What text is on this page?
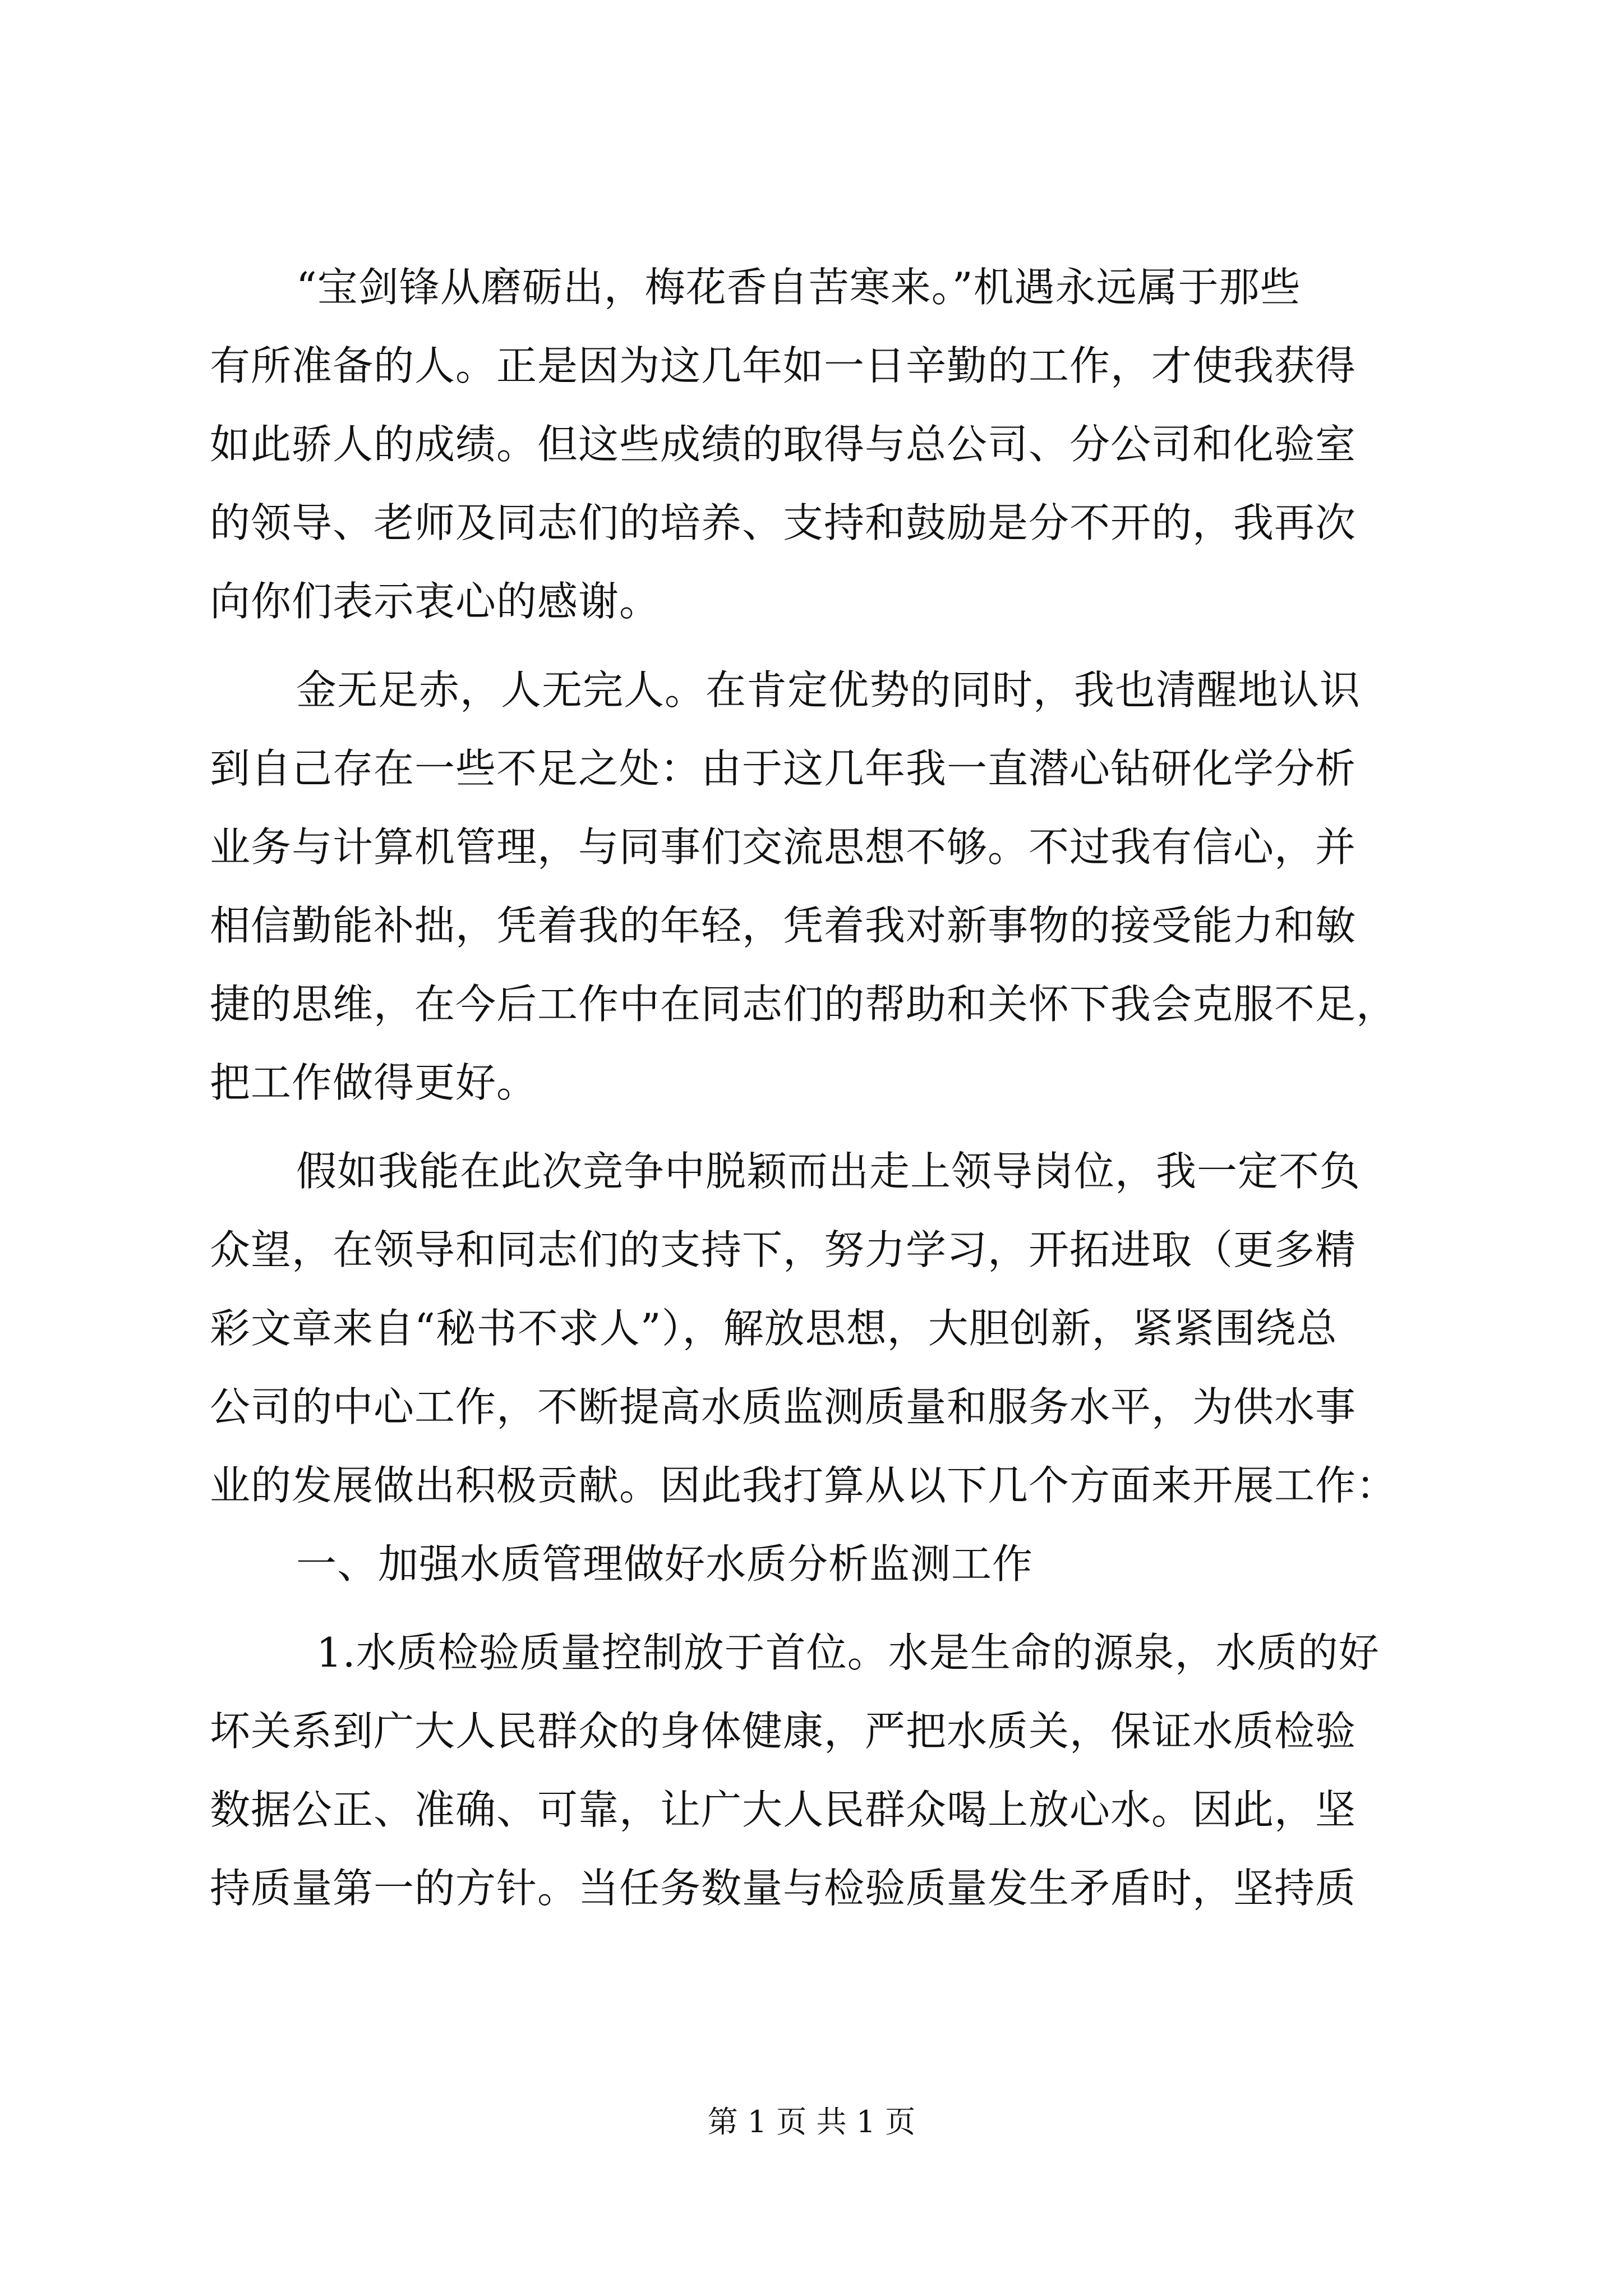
“宝剑锋从磨砺出，梅花香自苦寒来。”机遇永远属于那些
有所准备的人。正是因为这几年如一日辛勤的工作，才使我获得
如此骄人的成绩。但这些成绩的取得与总公司、分公司和化验室
的领导、老师及同志们的培养、支持和鼓励是分不开的，我再次
向你们表示衷心的感谢。
金无足赤，人无完人。在肯定优势的同时，我也清醒地认识
到自己存在一些不足之处：由于这几年我一直潜心钻研化学分析
业务与计算机管理，与同事们交流思想不够。不过我有信心，并
相信勤能补拙，凭着我的年轻，凭着我对新事物的接受能力和敏
捷的思维，在今后工作中在同志们的帮助和关怀下我会克服不足，
把工作做得更好。
假如我能在此次竞争中脱颖而出走上领导岗位，我一定不负
众望，在领导和同志们的支持下，努力学习，开拓进取（更多精
彩文章来自“秘书不求人”），解放思想，大胆创新，紧紧围绕总
公司的中心工作，不断提高水质监测质量和服务水平，为供水事
业的发展做出积极贡献。因此我打算从以下几个方面来开展工作：
一、加强水质管理做好水质分析监测工作
1.水质检验质量控制放于首位。水是生命的源泉，水质的好
坏关系到广大人民群众的身体健康，严把水质关，保证水质检验
数据公正、准确、可靠，让广大人民群众喝上放心水。因此，坚
持质量第一的方针。当任务数量与检验质量发生矛盾时，坚持质
第 1 页 共 1 页
